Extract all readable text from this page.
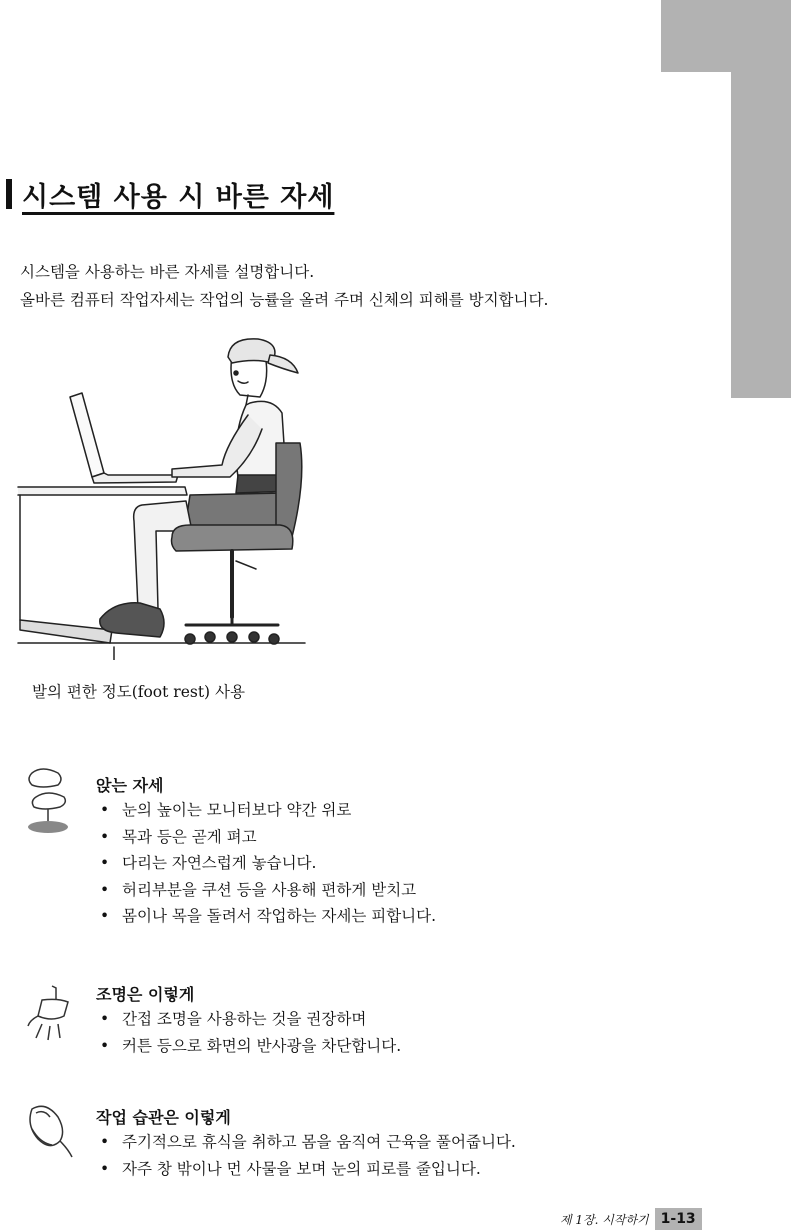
시스템 사용 시 바른 자세

시스템을 사용하는 바른 자세를 설명합니다.

올바른 컴퓨터 작업자세는 작업의 능률을 올려 주며 신체의 피해를 방지합니다.

발의 편한 정도(foot rest) 사용
앉는 자세
• 눈의 높이는 모니터보다 약간 위로
• 목과 등은 곧게 펴고
• 다리는 자연스럽게 놓습니다.
• 허리부분을 쿠션 등을 사용해 편하게 받치고
• 몸이나 목을 돌려서 작업하는 자세는 피합니다.
조명은 이렇게
• 간접 조명을 사용하는 것을 권장하며
• 커튼 등으로 화면의 반사광을 차단합니다.
작업 습관은 이렇게
• 주기적으로 휴식을 취하고 몸을 움직여 근육을 풀어줍니다.
• 자주 창 밖이나 먼 사물을 보며 눈의 피로를 줄입니다.
제 1장. 시작하기 1-13
